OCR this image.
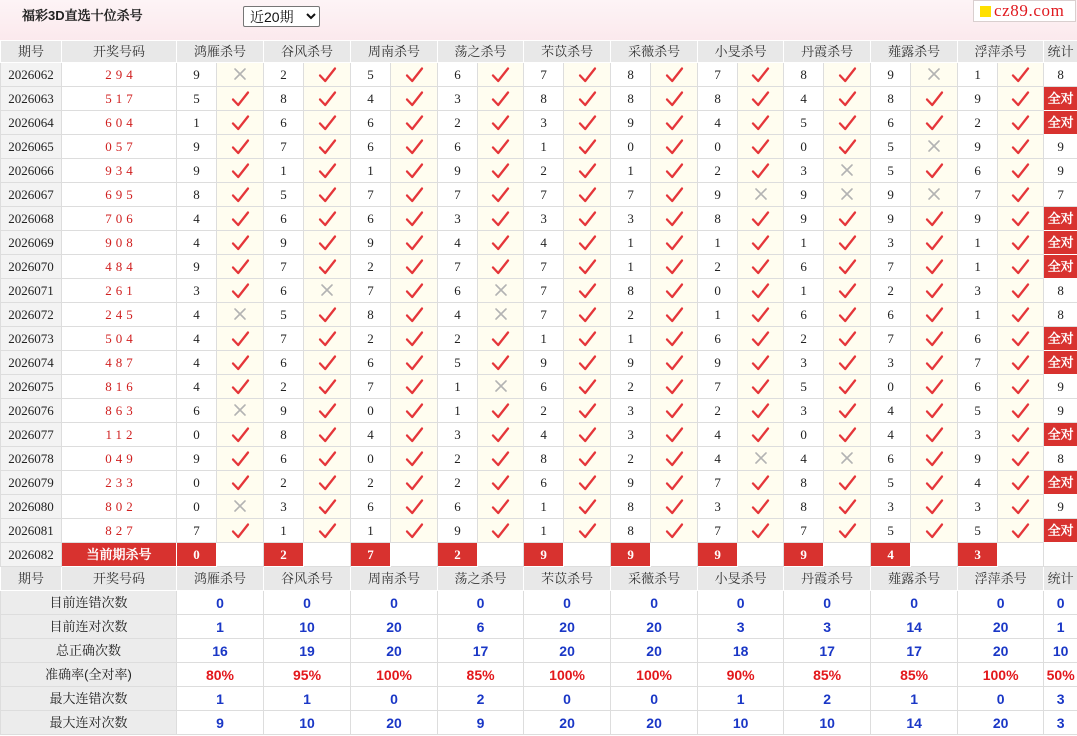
福彩3D直选十位杀号
近20期	cz89.com
期号	开奖号码	鸿雁杀号		谷风杀号		周南杀号		荡之杀号		芣苡杀号		采薇杀号		小旻杀号		丹霞杀号		薤露杀号		浮萍杀号		统计
2026062	294	9		2		5		6		7		8		7		8		9		1		8
2026063	517	5		8		4		3		8		8		8		4		8		9		全对
2026064	604	1		6		6		2		3		9		4		5		6		2		全对
2026065	057	9		7		6		6		1		0		0		0		5		9		9
2026066	934	9		1		1		9		2		1		2		3		5		6		9
2026067	695	8		5		7		7		7		7		9		9		9		7		7
2026068	706	4		6		6		3		3		3		8		9		9		9		全对
2026069	908	4		9		9		4		4		1		1		1		3		1		全对
2026070	484	9		7		2		7		7		1		2		6		7		1		全对
2026071	261	3		6		7		6		7		8		0		1		2		3		8
2026072	245	4		5		8		4		7		2		1		6		6		1		8
2026073	504	4		7		2		2		1		1		6		2		7		6		全对
2026074	487	4		6		6		5		9		9		9		3		3		7		全对
2026075	816	4		2		7		1		6		2		7		5		0		6		9
2026076	863	6		9		0		1		2		3		2		3		4		5		9
2026077	112	0		8		4		3		4		3		4		0		4		3		全对
2026078	049	9		6		0		2		8		2		4		4		6		9		8
2026079	233	0		2		2		2		6		9		7		8		5		4		全对
2026080	802	0		3		6		6		1		8		3		8		3		3		9
2026081	827	7		1		1		9		1		8		7		7		5		5		全对
2026082	当前期杀号	0		2		7		2		9		9		9		9		4		3		
期号	开奖号码	鸿雁杀号		谷风杀号		周南杀号		荡之杀号		芣苡杀号		采薇杀号		小旻杀号		丹霞杀号		薤露杀号		浮萍杀号		统计
目前连错次数		0		0		0		0		0		0		0		0		0		0		0
目前连对次数		1		10		20		6		20		20		3		3		14		20		1
总正确次数		16		19		20		17		20		20		18		17		17		20		10
准确率(全对率)		80%		95%		100%		85%		100%		100%		90%		85%		85%		100%		50%
最大连错次数		1		1		0		2		0		0		1		2		1		0		3
最大连对次数		9		10		20		9		20		20		10		10		14		20		3
